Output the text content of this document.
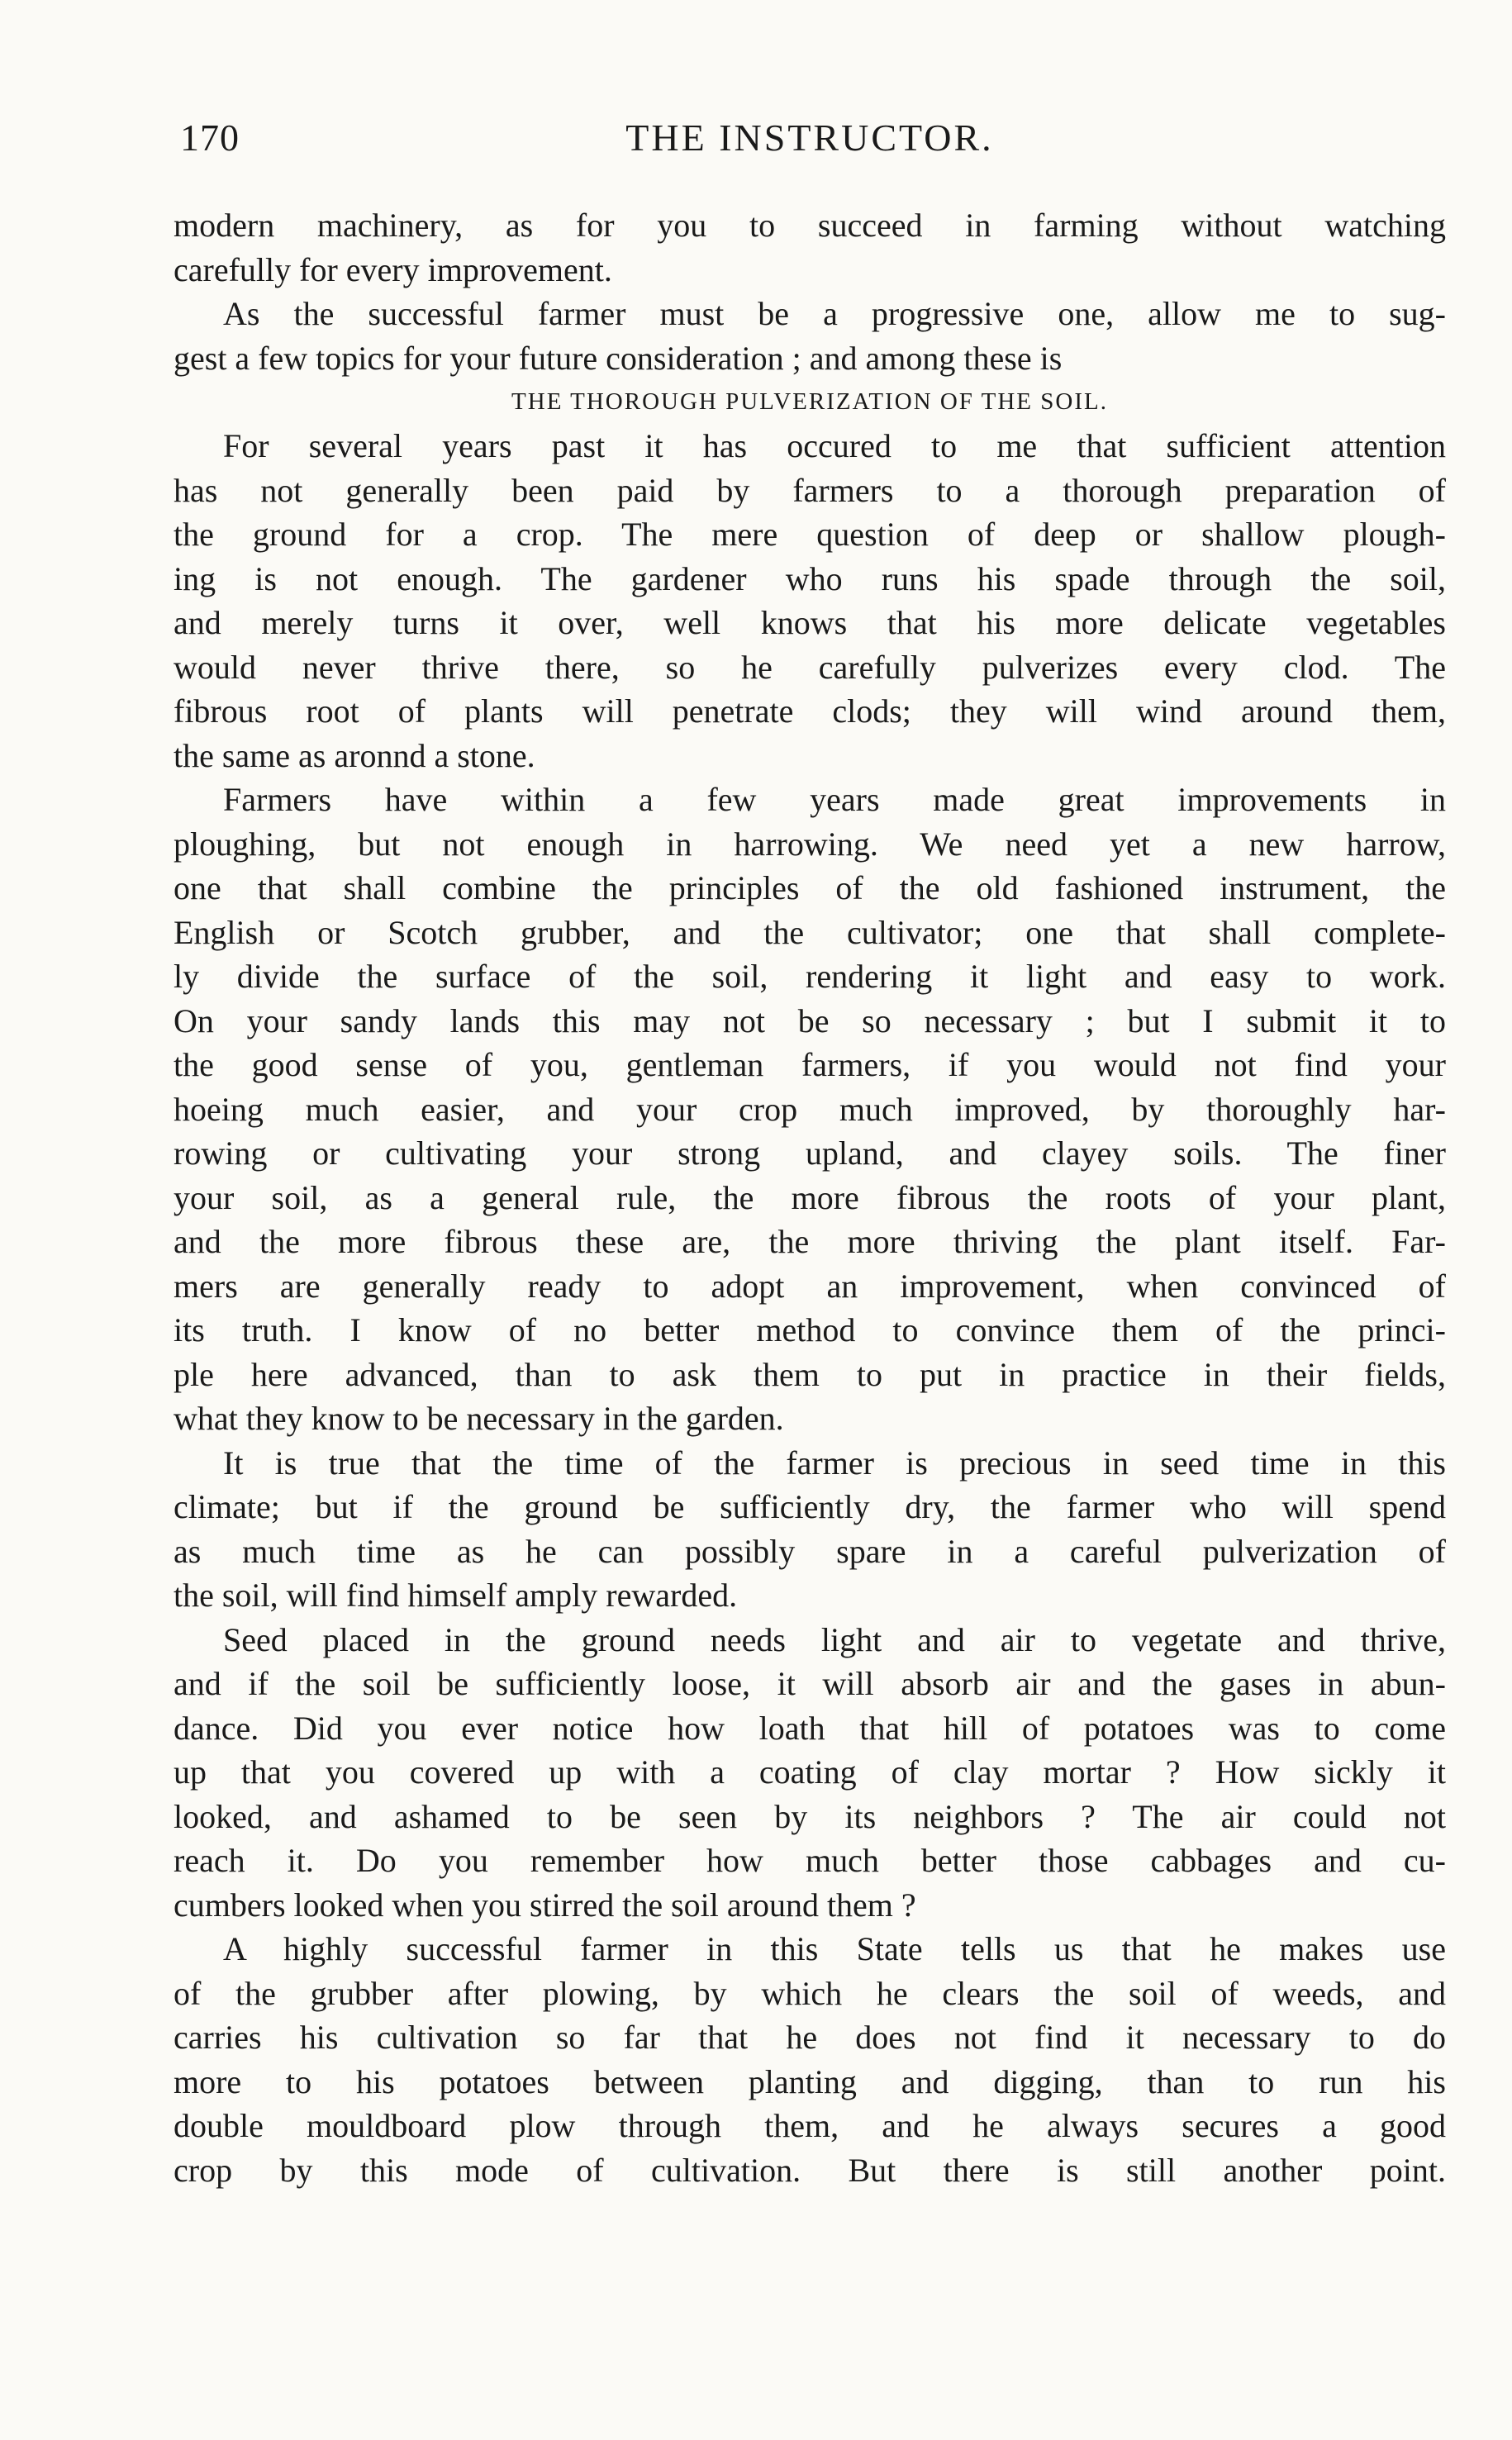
170	THE INSTRUCTOR.
modern machinery, as for you to succeed in farming without watching
carefully for every improvement.
As the successful farmer must be a progressive one, allow me to sug-
gest a few topics for your future consideration ; and among these is
THE THOROUGH PULVERIZATION OF THE SOIL.
For several years past it has occured to me that sufficient attention
has not generally been paid by farmers to a thorough preparation of
the ground for a crop. The mere question of deep or shallow plough-
ing is not enough. The gardener who runs his spade through the soil,
and merely turns it over, well knows that his more delicate vegetables
would never thrive there, so he carefully pulverizes every clod. The
fibrous root of plants will penetrate clods; they will wind around them,
the same as aronnd a stone.
Farmers have within a few years made great improvements in
ploughing, but not enough in harrowing. We need yet a new harrow,
one that shall combine the principles of the old fashioned instrument, the
English or Scotch grubber, and the cultivator; one that shall complete-
ly divide the surface of the soil, rendering it light and easy to work.
On your sandy lands this may not be so necessary ; but I submit it to
the good sense of you, gentleman farmers, if you would not find your
hoeing much easier, and your crop much improved, by thoroughly har-
rowing or cultivating your strong upland, and clayey soils. The finer
your soil, as a general rule, the more fibrous the roots of your plant,
and the more fibrous these are, the more thriving the plant itself. Far-
mers are generally ready to adopt an improvement, when convinced of
its truth. I know of no better method to convince them of the princi-
ple here advanced, than to ask them to put in practice in their fields,
what they know to be necessary in the garden.
It is true that the time of the farmer is precious in seed time in this
climate; but if the ground be sufficiently dry, the farmer who will spend
as much time as he can possibly spare in a careful pulverization of
the soil, will find himself amply rewarded.
Seed placed in the ground needs light and air to vegetate and thrive,
and if the soil be sufficiently loose, it will absorb air and the gases in abun-
dance. Did you ever notice how loath that hill of potatoes was to come
up that you covered up with a coating of clay mortar ? How sickly it
looked, and ashamed to be seen by its neighbors ? The air could not
reach it. Do you remember how much better those cabbages and cu-
cumbers looked when you stirred the soil around them ?
A highly successful farmer in this State tells us that he makes use
of the grubber after plowing, by which he clears the soil of weeds, and
carries his cultivation so far that he does not find it necessary to do
more to his potatoes between planting and digging, than to run his
double mouldboard plow through them, and he always secures a good
crop by this mode of cultivation. But there is still another point.
